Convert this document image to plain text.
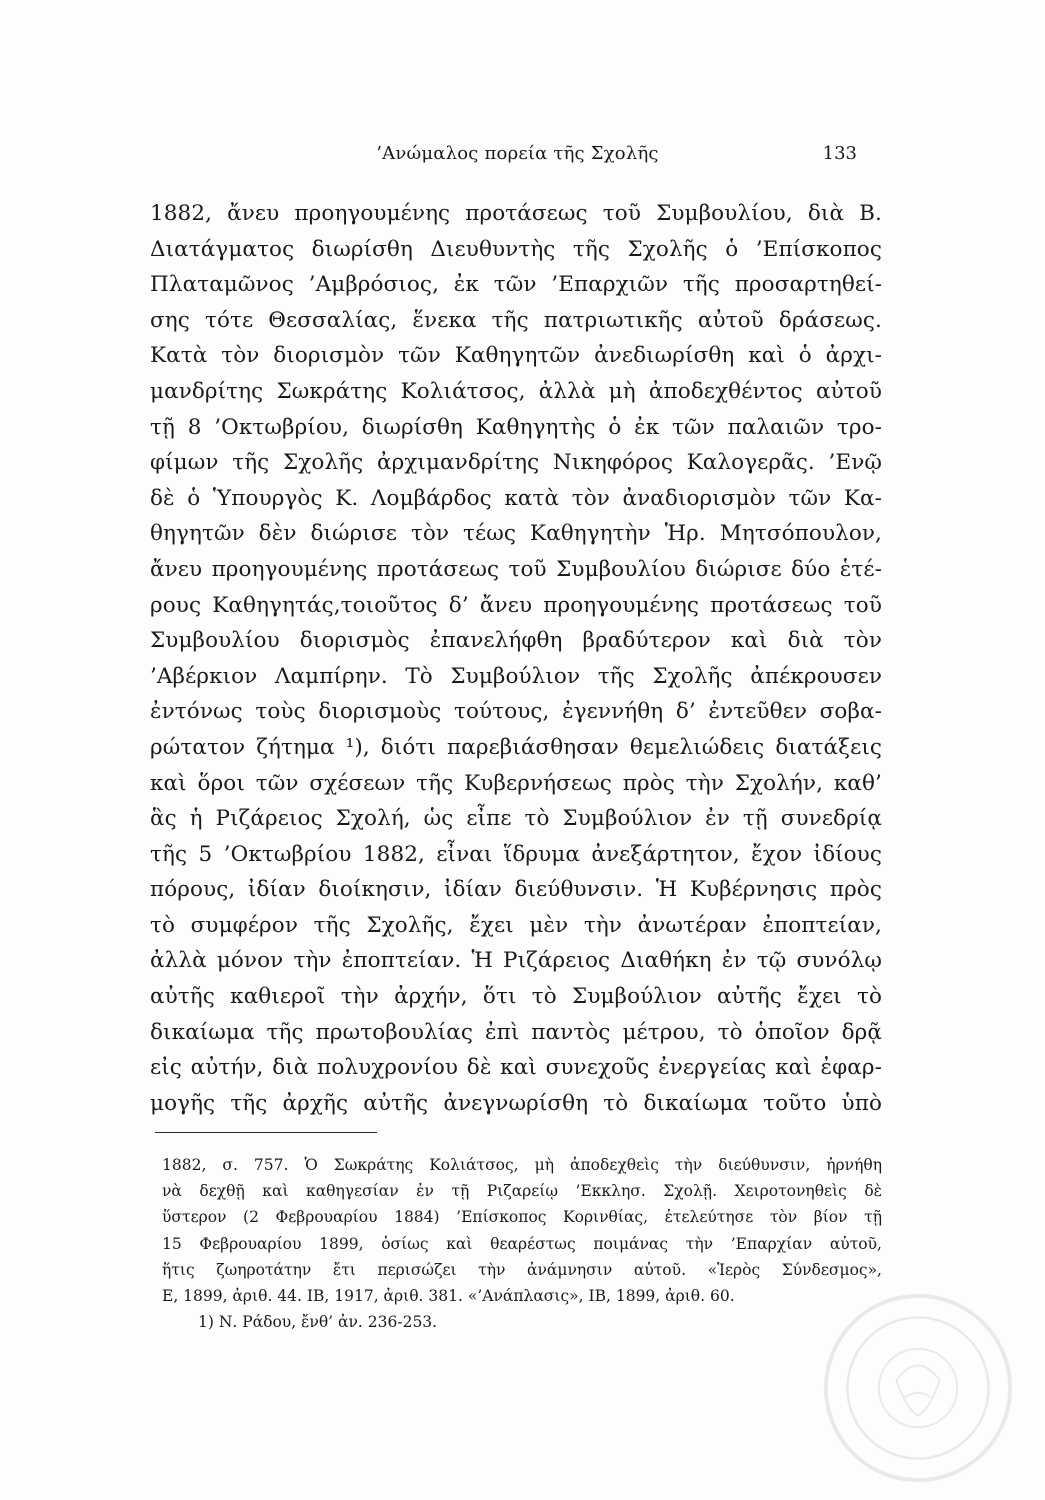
’Ανώμαλος πορεία τῆς Σχολῆς	133
1882, ἄνευ προηγουμένης προτάσεως τοῦ Συμβουλίου, διὰ Β.
Διατάγματος διωρίσθη Διευθυντὴς τῆς Σχολῆς ὁ ’Επίσκοπος
Πλαταμῶνος ’Αμβρόσιος, ἐκ τῶν ’Επαρχιῶν τῆς προσαρτηθεί-
σης τότε Θεσσαλίας, ἕνεκα τῆς πατριωτικῆς αὐτοῦ δράσεως.
Κατὰ τὸν διορισμὸν τῶν Καθηγητῶν ἀνεδιωρίσθη καὶ ὁ ἀρχι-
μανδρίτης Σωκράτης Κολιάτσος, ἀλλὰ μὴ ἀποδεχθέντος αὐτοῦ
τῇ 8 ’Οκτωβρίου, διωρίσθη Καθηγητὴς ὁ ἐκ τῶν παλαιῶν τρο-
φίμων τῆς Σχολῆς ἀρχιμανδρίτης Νικηφόρος Καλογερᾶς. ’Ενῷ
δὲ ὁ Ὑπουργὸς Κ. Λομβάρδος κατὰ τὸν ἀναδιορισμὸν τῶν Κα-
θηγητῶν δὲν διώρισε τὸν τέως Καθηγητὴν Ἡρ. Μητσόπουλον,
ἄνευ προηγουμένης προτάσεως τοῦ Συμβουλίου διώρισε δύο ἑτέ-
ρους Καθηγητάς,τοιοῦτος δ’ ἄνευ προηγουμένης προτάσεως τοῦ
Συμβουλίου διορισμὸς ἐπανελήφθη βραδύτερον καὶ διὰ τὸν
’Αβέρκιον Λαμπίρην. Τὸ Συμβούλιον τῆς Σχολῆς ἀπέκρουσεν
ἐντόνως τοὺς διορισμοὺς τούτους, ἐγεννήθη δ’ ἐντεῦθεν σοβα-
ρώτατον ζήτημα ¹), διότι παρεβιάσθησαν θεμελιώδεις διατάξεις
καὶ ὅροι τῶν σχέσεων τῆς Κυβερνήσεως πρὸς τὴν Σχολήν, καθ’
ἃς ἡ Ριζάρειος Σχολή, ὡς εἶπε τὸ Συμβούλιον ἐν τῇ συνεδρίᾳ
τῆς 5 ’Οκτωβρίου 1882, εἶναι ἵδρυμα ἀνεξάρτητον, ἔχον ἰδίους
πόρους, ἰδίαν διοίκησιν, ἰδίαν διεύθυνσιν. Ἡ Κυβέρνησις πρὸς
τὸ συμφέρον τῆς Σχολῆς, ἔχει μὲν τὴν ἀνωτέραν ἐποπτείαν,
ἀλλὰ μόνον τὴν ἐποπτείαν. Ἡ Ριζάρειος Διαθήκη ἐν τῷ συνόλῳ
αὐτῆς καθιεροῖ τὴν ἀρχήν, ὅτι τὸ Συμβούλιον αὐτῆς ἔχει τὸ
δικαίωμα τῆς πρωτοβουλίας ἐπὶ παντὸς μέτρου, τὸ ὁποῖον δρᾷ
εἰς αὐτήν, διὰ πολυχρονίου δὲ καὶ συνεχοῦς ἐνεργείας καὶ ἐφαρ-
μογῆς τῆς ἀρχῆς αὐτῆς ἀνεγνωρίσθη τὸ δικαίωμα τοῦτο ὑπὸ
1882, σ. 757. Ὁ Σωκράτης Κολιάτσος, μὴ ἀποδεχθεὶς τὴν διεύθυνσιν, ἠρνήθη
νὰ δεχθῇ καὶ καθηγεσίαν ἐν τῇ Ριζαρείῳ ’Εκκλησ. Σχολῇ. Χειροτονηθεὶς δὲ
ὕστερον (2 Φεβρουαρίου 1884) ’Επίσκοπος Κορινθίας, ἐτελεύτησε τὸν βίον τῇ
15 Φεβρουαρίου 1899, ὁσίως καὶ θεαρέστως ποιμάνας τὴν ’Επαρχίαν αὐτοῦ,
ἥτις ζωηροτάτην ἔτι περισώζει τὴν ἀνάμνησιν αὐτοῦ. «Ἱερὸς Σύνδεσμος»,
Ε, 1899, ἀριθ. 44. ΙΒ, 1917, ἀριθ. 381. «’Ανάπλασις», ΙΒ, 1899, ἀριθ. 60.
1) Ν. Ράδου, ἔνθ’ ἀν. 236-253.
